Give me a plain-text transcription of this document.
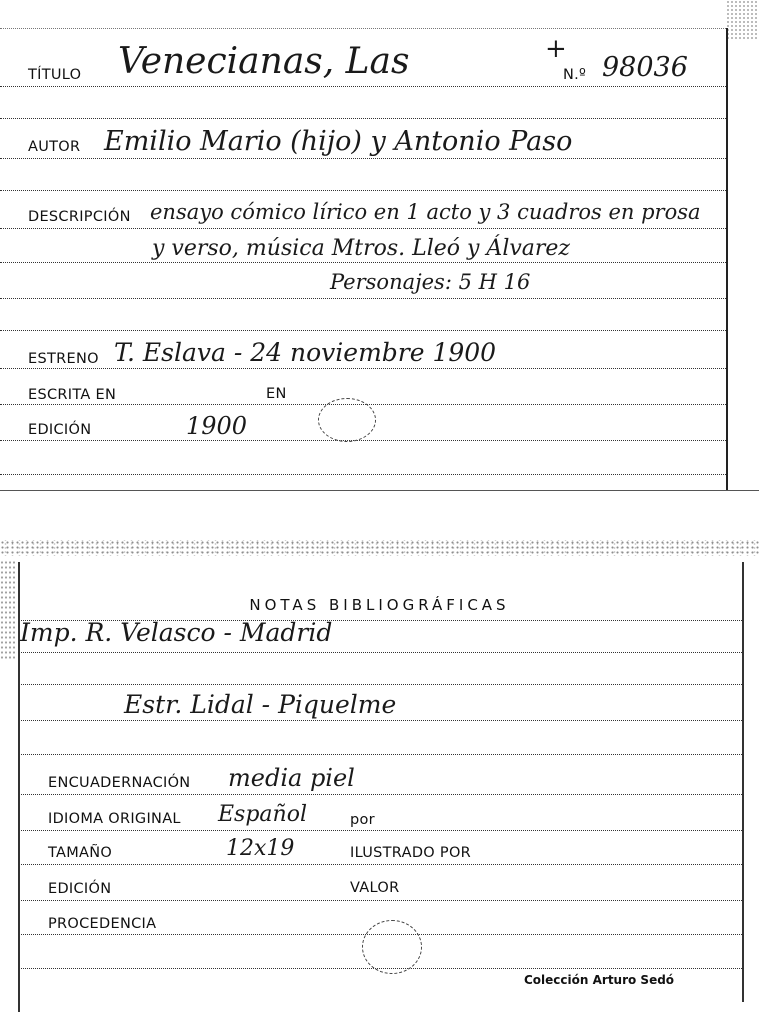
TÍTULO Venecianas, Las	+
N.º 98036
AUTOR Emilio Mario (hijo) y Antonio Paso
DESCRIPCIÓN ensayo cómico lírico en 1 acto y 3 cuadros en prosa
y verso, música Mtros. Lleó y Álvarez
Personajes: 5 H 16
ESTRENO T. Eslava - 24 noviembre 1900
ESCRITA EN	EN
EDICIÓN	1900
NOTAS BIBLIOGRÁFICAS
Imp. R. Velasco - Madrid
Estr. Lidal - Piquelme
ENCUADERNACIÓN media piel
IDIOMA ORIGINAL Español	por
TAMAÑO	12x19	ILUSTRADO POR
EDICIÓN	VALOR
PROCEDENCIA
Colección Arturo Sedó
